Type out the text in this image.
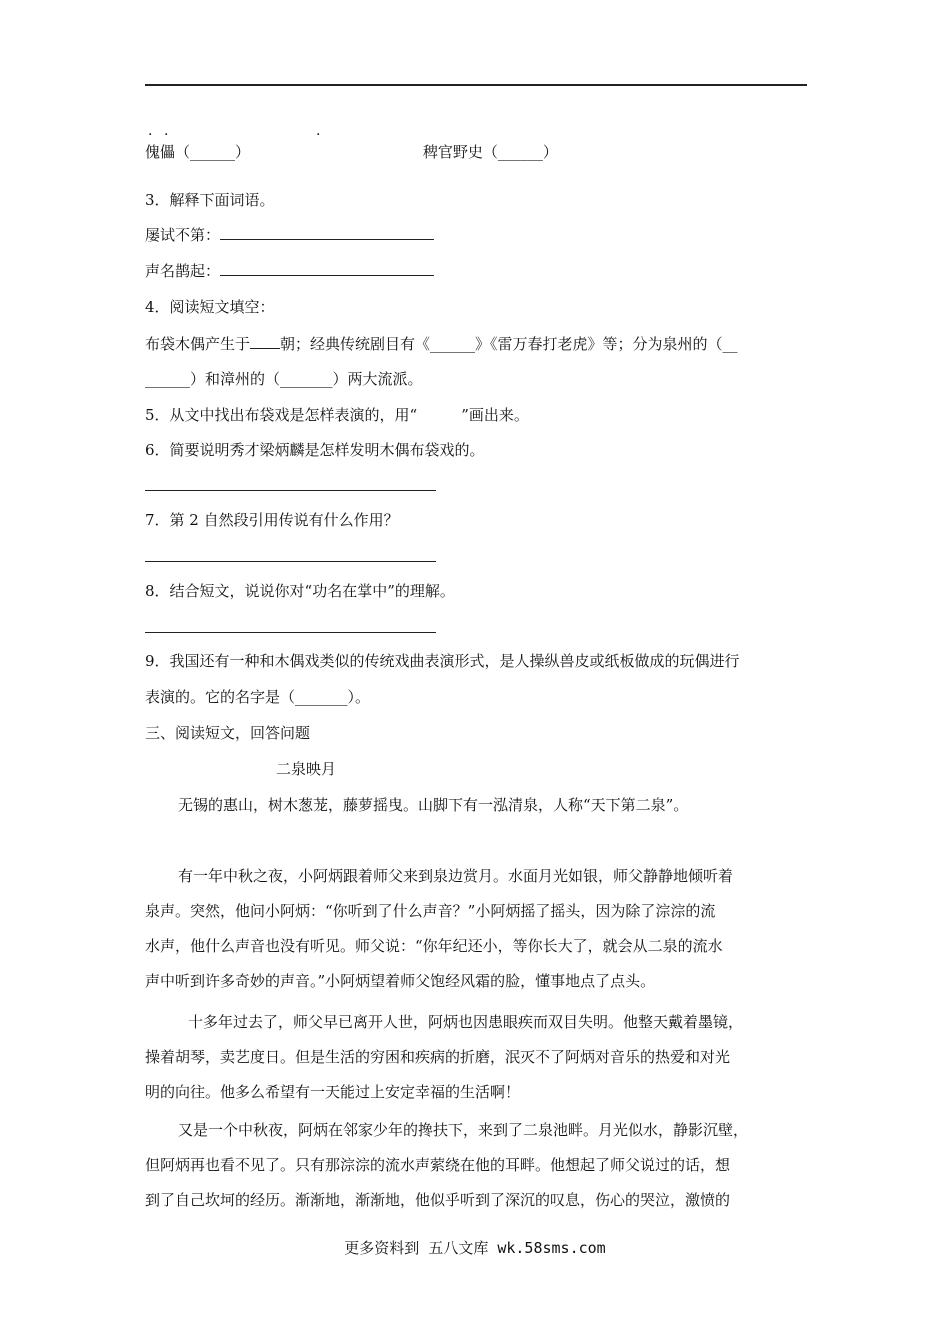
. .	.
傀儡（______）	稗官野史（______）
3．解释下面词语。
屡试不第：
声名鹊起：
4．阅读短文填空：
布袋木偶产生于 朝；经典传统剧目有《______》《雷万春打老虎》等；分为泉州的（__
______）和漳州的（_______）两大流派。
5．从文中找出布袋戏是怎样表演的，用“	”画出来。
6．简要说明秀才梁炳麟是怎样发明木偶布袋戏的。
7．第 2 自然段引用传说有什么作用？
8．结合短文，说说你对“功名在掌中”的理解。
9．我国还有一种和木偶戏类似的传统戏曲表演形式，是人操纵兽皮或纸板做成的玩偶进行
表演的。它的名字是（_______）。
三、阅读短文，回答问题
二泉映月
无锡的惠山，树木葱茏，藤萝摇曳。山脚下有一泓清泉，人称“天下第二泉”。
有一年中秋之夜，小阿炳跟着师父来到泉边赏月。水面月光如银，师父静静地倾听着
泉声。突然，他问小阿炳：“你听到了什么声音？”小阿炳摇了摇头，因为除了淙淙的流
水声，他什么声音也没有听见。师父说：“你年纪还小，等你长大了，就会从二泉的流水
声中听到许多奇妙的声音。”小阿炳望着师父饱经风霜的脸，懂事地点了点头。
十多年过去了，师父早已离开人世，阿炳也因患眼疾而双目失明。他整天戴着墨镜，
操着胡琴，卖艺度日。但是生活的穷困和疾病的折磨，泯灭不了阿炳对音乐的热爱和对光
明的向往。他多么希望有一天能过上安定幸福的生活啊！
又是一个中秋夜，阿炳在邻家少年的搀扶下，来到了二泉池畔。月光似水，静影沉壁，
但阿炳再也看不见了。只有那淙淙的流水声萦绕在他的耳畔。他想起了师父说过的话，想
到了自己坎坷的经历。渐渐地，渐渐地，他似乎听到了深沉的叹息，伤心的哭泣，激愤的
更多资料到 五八文库 wk.58sms.com
